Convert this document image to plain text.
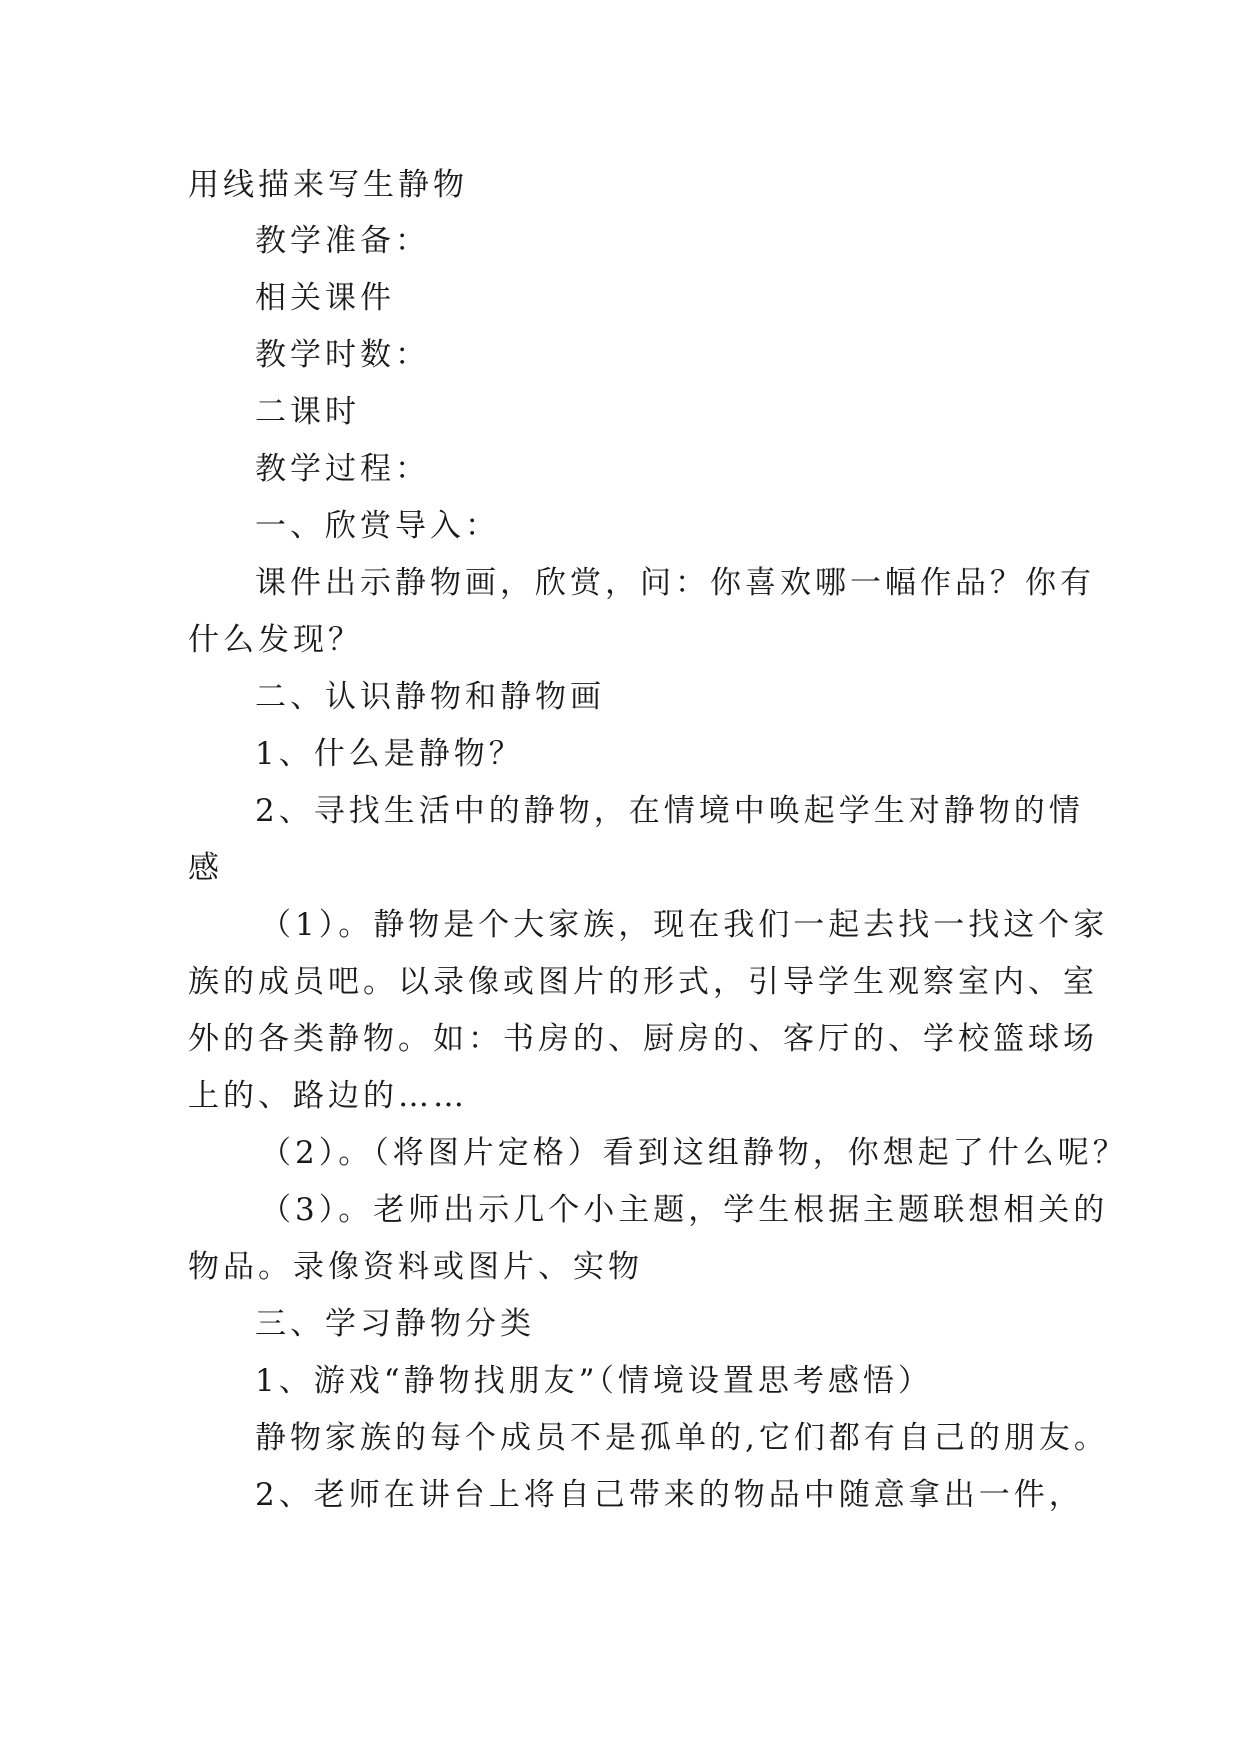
用线描来写生静物

教学准备：

相关课件

教学时数：

二课时

教学过程：

一、欣赏导入：

课件出示静物画，欣赏，问：你喜欢哪一幅作品？你有

什么发现？

二、认识静物和静物画

1、什么是静物？

2、寻找生活中的静物，在情境中唤起学生对静物的情

感

（1）。静物是个大家族，现在我们一起去找一找这个家

族的成员吧。以录像或图片的形式，引导学生观察室内、室

外的各类静物。如：书房的、厨房的、客厅的、学校篮球场

上的、路边的……

（2）。（将图片定格）看到这组静物，你想起了什么呢？

（3）。老师出示几个小主题，学生根据主题联想相关的

物品。录像资料或图片、实物

三、学习静物分类

1、游戏“静物找朋友”（情境设置思考感悟）

静物家族的每个成员不是孤单的,它们都有自己的朋友。

2、老师在讲台上将自己带来的物品中随意拿出一件，
